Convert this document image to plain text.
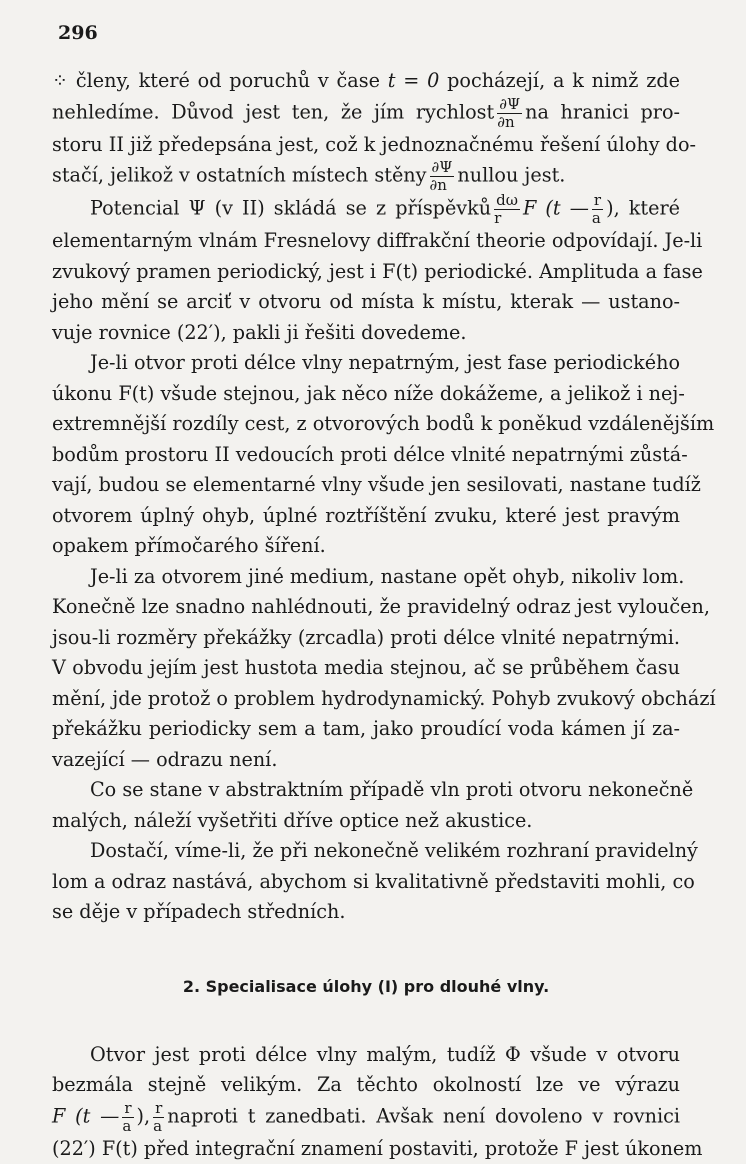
296
⁘ členy, které od poruchů v čase t = 0 pocházejí, a k nimž zde
nehledíme. Důvod jest ten, že jím rychlost $\frac{\partial\Psi}{\partial n}$ na hranici pro-
storu II již předepsána jest, což k jednoznačnému řešení úlohy do-
stačí, jelikož v ostatních místech stěny $\frac{\partial\Psi}{\partial n}$ nullou jest.
Potencial Ψ (v II) skládá se z příspěvků $\frac{d\omega}{r}$ F (t — $\frac{r}{a}$ ), které
elementarným vlnám Fresnelovy diffrakční theorie odpovídají. Je-li
zvukový pramen periodický, jest i F(t) periodické. Amplituda a fase
jeho mění se arciť v otvoru od místa k místu, kterak — ustano-
vuje rovnice (22′), pakli ji řešiti dovedeme.
Je-li otvor proti délce vlny nepatrným, jest fase periodického
úkonu F(t) všude stejnou, jak něco níže dokážeme, a jelikož i nej-
extremnější rozdíly cest, z otvorových bodů k poněkud vzdálenějším
bodům prostoru II vedoucích proti délce vlnité nepatrnými zůstá-
vají, budou se elementarné vlny všude jen sesilovati, nastane tudíž
otvorem úplný ohyb, úplné roztříštění zvuku, které jest pravým
opakem přímočarého šíření.
Je-li za otvorem jiné medium, nastane opět ohyb, nikoliv lom.
Konečně lze snadno nahlédnouti, že pravidelný odraz jest vyloučen,
jsou-li rozměry překážky (zrcadla) proti délce vlnité nepatrnými.
V obvodu jejím jest hustota media stejnou, ač se průběhem času
mění, jde protož o problem hydrodynamický. Pohyb zvukový obchází
překážku periodicky sem a tam, jako proudící voda kámen jí za-
vazející — odrazu není.
Co se stane v abstraktním případě vln proti otvoru nekonečně
malých, náleží vyšetřiti dříve optice než akustice.
Dostačí, víme-li, že při nekonečně velikém rozhraní pravidelný
lom a odraz nastává, abychom si kvalitativně představiti mohli, co
se děje v případech středních.
2. Specialisace úlohy (I) pro dlouhé vlny.
Otvor jest proti délce vlny malým, tudíž Φ všude v otvoru
bezmála stejně velikým. Za těchto okolností lze ve výrazu
F (t — $\frac{r}{a}$ ), $\frac{r}{a}$ naproti t zanedbati. Avšak není dovoleno v rovnici
(22′) F(t) před integrační znamení postaviti, protože F jest úkonem
